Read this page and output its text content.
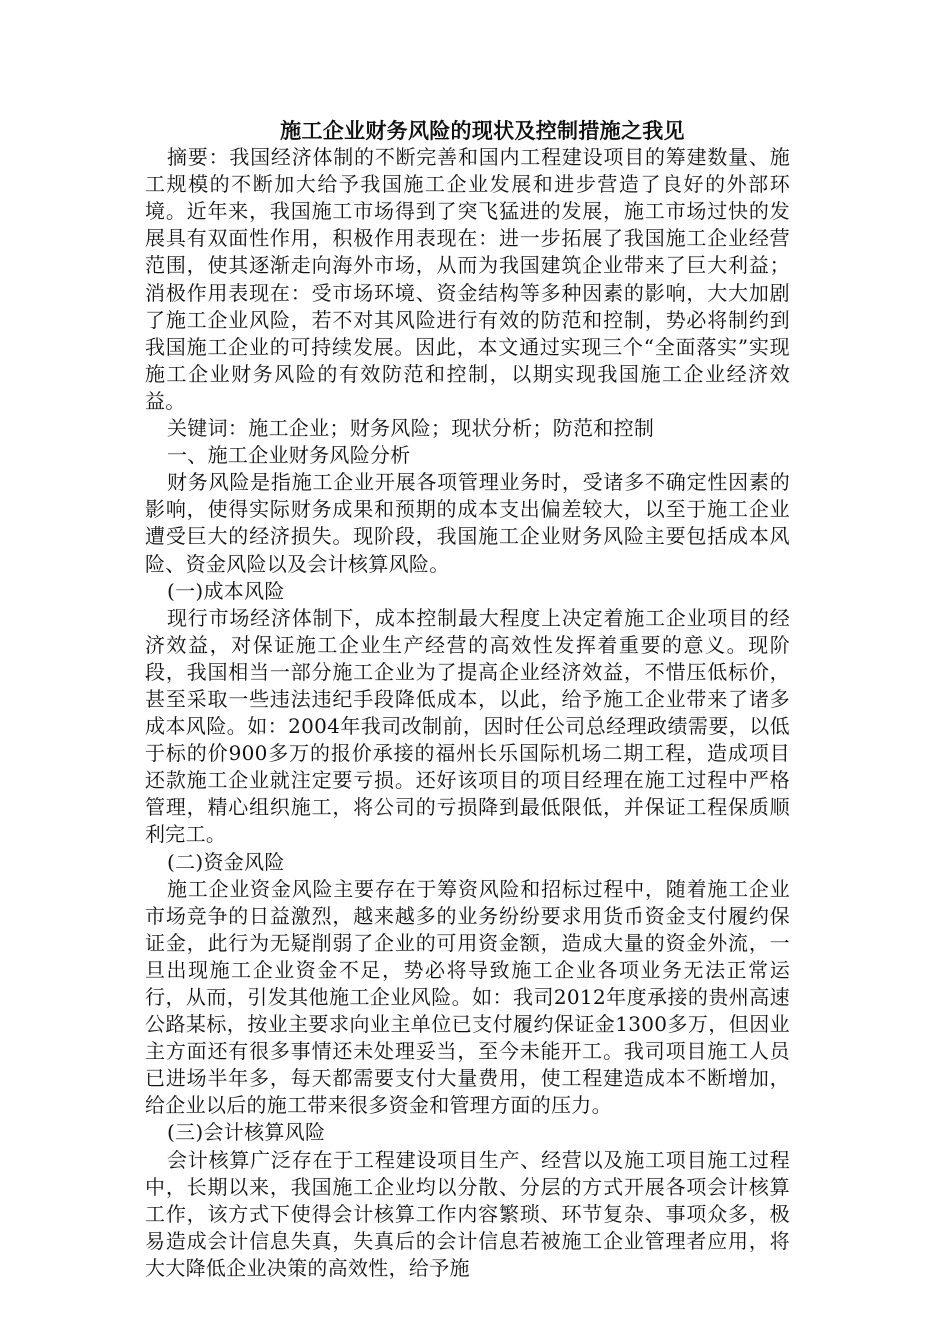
施工企业财务风险的现状及控制措施之我见

摘要：我国经济体制的不断完善和国内工程建设项目的筹建数量、施工规模的不断加大给予我国施工企业发展和进步营造了良好的外部环境。近年来，我国施工市场得到了突飞猛进的发展，施工市场过快的发展具有双面性作用，积极作用表现在：进一步拓展了我国施工企业经营范围，使其逐渐走向海外市场，从而为我国建筑企业带来了巨大利益；消极作用表现在：受市场环境、资金结构等多种因素的影响，大大加剧了施工企业风险，若不对其风险进行有效的防范和控制，势必将制约到我国施工企业的可持续发展。因此，本文通过实现三个“全面落实”实现施工企业财务风险的有效防范和控制，以期实现我国施工企业经济效益。

关键词：施工企业；财务风险；现状分析；防范和控制

一、施工企业财务风险分析

财务风险是指施工企业开展各项管理业务时，受诸多不确定性因素的影响，使得实际财务成果和预期的成本支出偏差较大，以至于施工企业遭受巨大的经济损失。现阶段，我国施工企业财务风险主要包括成本风险、资金风险以及会计核算风险。

(一)成本风险

现行市场经济体制下，成本控制最大程度上决定着施工企业项目的经济效益，对保证施工企业生产经营的高效性发挥着重要的意义。现阶段，我国相当一部分施工企业为了提高企业经济效益，不惜压低标价，甚至采取一些违法违纪手段降低成本，以此，给予施工企业带来了诸多成本风险。如：2004年我司改制前，因时任公司总经理政绩需要，以低于标的价900多万的报价承接的福州长乐国际机场二期工程，造成项目还款施工企业就注定要亏损。还好该项目的项目经理在施工过程中严格管理，精心组织施工，将公司的亏损降到最低限低，并保证工程保质顺利完工。

(二)资金风险

施工企业资金风险主要存在于筹资风险和招标过程中，随着施工企业市场竞争的日益激烈，越来越多的业务纷纷要求用货币资金支付履约保证金，此行为无疑削弱了企业的可用资金额，造成大量的资金外流，一旦出现施工企业资金不足，势必将导致施工企业各项业务无法正常运行，从而，引发其他施工企业风险。如：我司2012年度承接的贵州高速公路某标，按业主要求向业主单位已支付履约保证金1300多万，但因业主方面还有很多事情还未处理妥当，至今未能开工。我司项目施工人员已进场半年多，每天都需要支付大量费用，使工程建造成本不断增加，给企业以后的施工带来很多资金和管理方面的压力。

(三)会计核算风险

会计核算广泛存在于工程建设项目生产、经营以及施工项目施工过程中，长期以来，我国施工企业均以分散、分层的方式开展各项会计核算工作，该方式下使得会计核算工作内容繁琐、环节复杂、事项众多，极易造成会计信息失真，失真后的会计信息若被施工企业管理者应用，将大大降低企业决策的高效性，给予施
